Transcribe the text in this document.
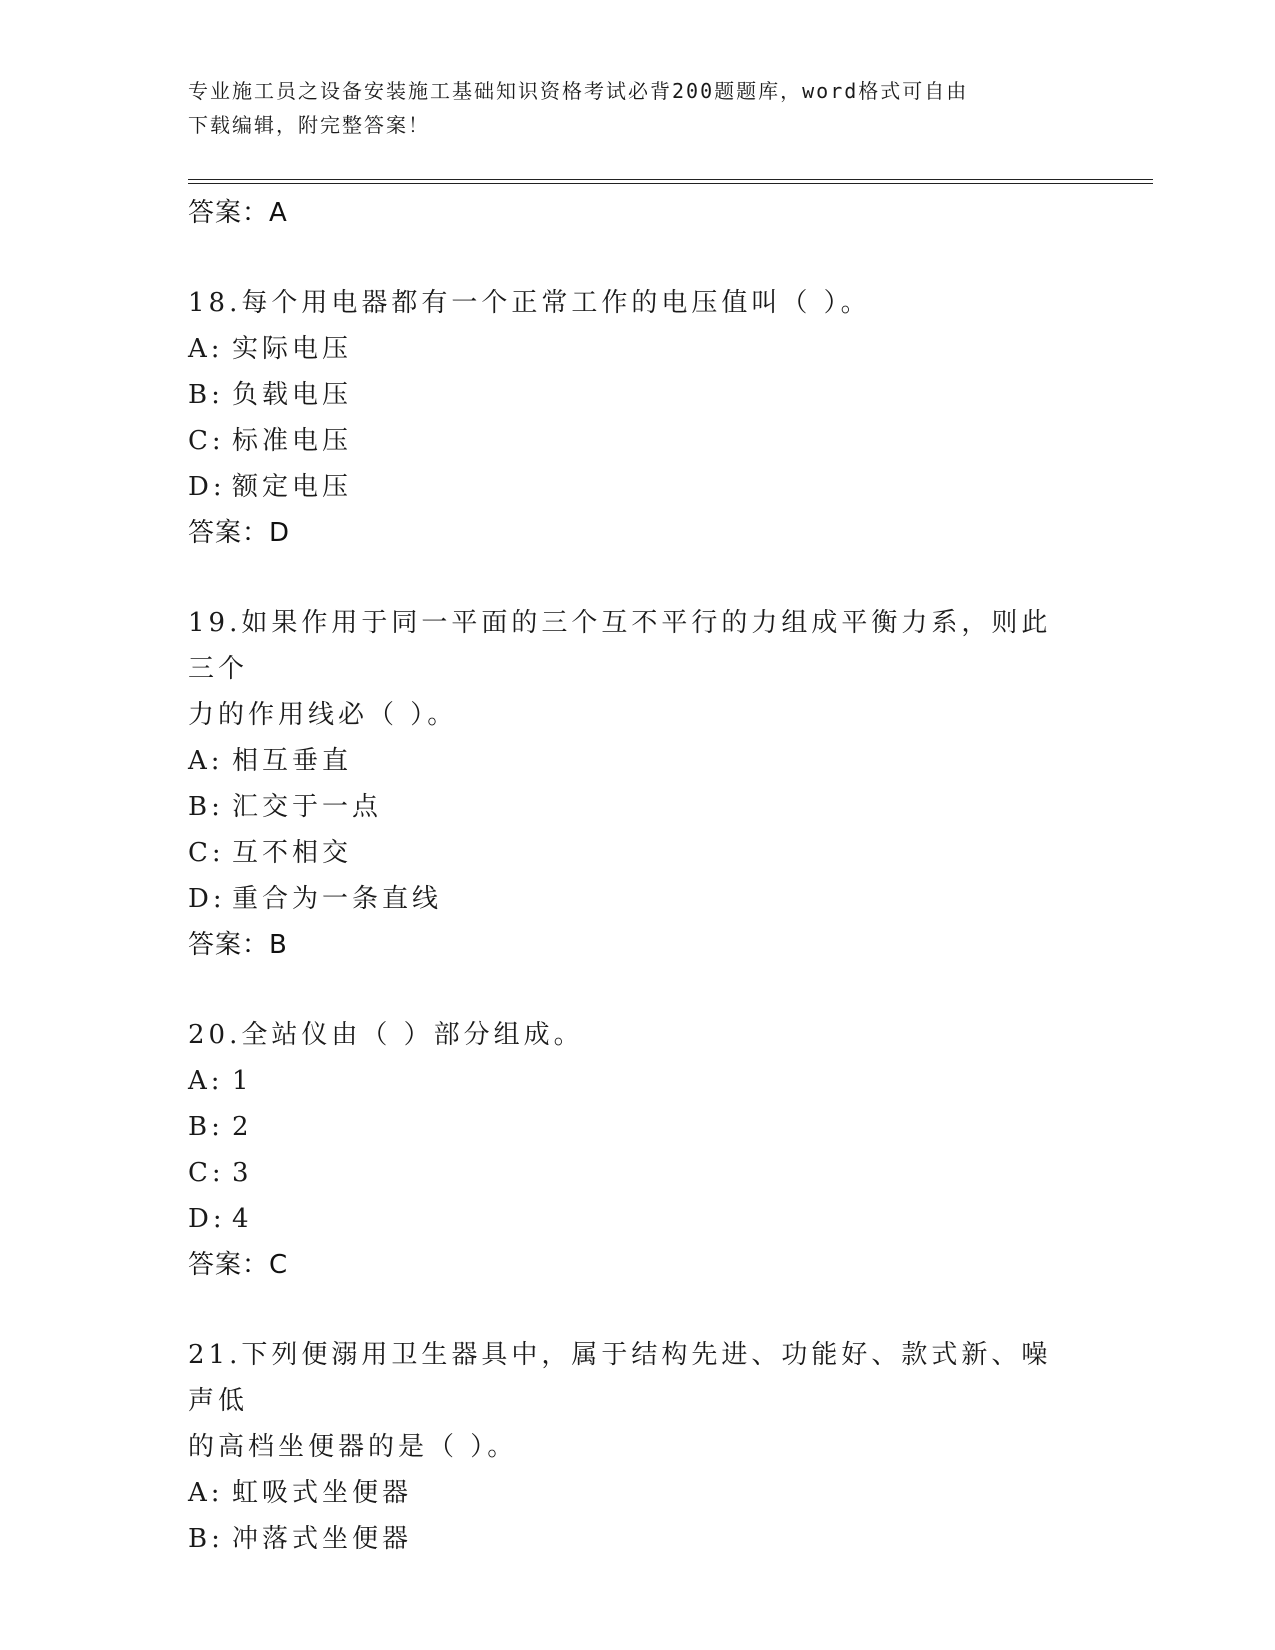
专业施工员之设备安装施工基础知识资格考试必背200题题库，word格式可自由
下载编辑，附完整答案！
答案：A
18.每个用电器都有一个正常工作的电压值叫（ ）。
A: 实际电压
B: 负载电压
C: 标准电压
D: 额定电压
答案：D
19.如果作用于同一平面的三个互不平行的力组成平衡力系，则此三个
力的作用线必（ ）。
A: 相互垂直
B: 汇交于一点
C: 互不相交
D: 重合为一条直线
答案：B
20.全站仪由（ ）部分组成。
A: 1
B: 2
C: 3
D: 4
答案：C
21.下列便溺用卫生器具中，属于结构先进、功能好、款式新、噪声低
的高档坐便器的是（ ）。
A: 虹吸式坐便器
B: 冲落式坐便器
